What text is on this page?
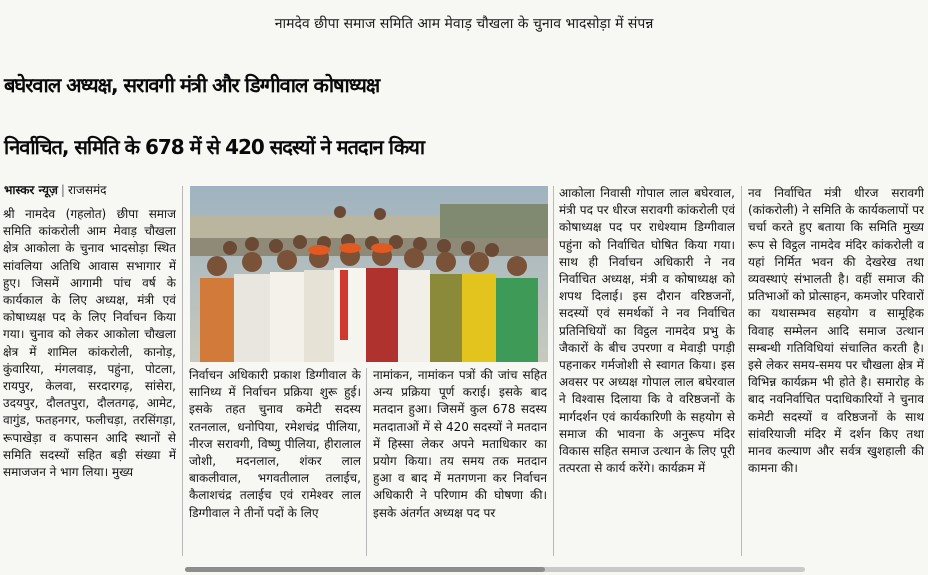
नामदेव छीपा समाज समिति आम मेवाड़ चौखला के चुनाव भादसोड़ा में संपन्न
बघेरवाल अध्यक्ष, सरावगी मंत्री और डिग्गीवाल कोषाध्यक्ष
निर्वाचित, समिति के 678 में से 420 सदस्यों ने मतदान किया
भास्कर न्यूज़ | राजसमंद

श्री नामदेव (गहलोत) छीपा समाज समिति कांकरोली आम मेवाड़ चौखला क्षेत्र आकोला के चुनाव भादसोड़ा स्थित सांवलिया अतिथि आवास सभागार में हुए। जिसमें आगामी पांच वर्ष के कार्यकाल के लिए अध्यक्ष, मंत्री एवं कोषाध्यक्ष पद के लिए निर्वाचन किया गया। चुनाव को लेकर आकोला चौखला क्षेत्र में शामिल कांकरोली, कानोड़, कुंवारिया, मंगलवाड़, पहुंना, पोटला, रायपुर, केलवा, सरदारगढ़, सांसेरा, उदयपुर, दौलतपुरा, दौलतगढ़, आमेट, वागुंड, फतहनगर, फलीचड़ा, तरसिंगड़ा, रूपाखेड़ा व कपासन आदि स्थानों से समिति सदस्यों सहित बड़ी संख्या में समाजजन ने भाग लिया। मुख्य

निर्वाचन अधिकारी प्रकाश डिग्गीवाल के सानिध्य में निर्वाचन प्रक्रिया शुरू हुई। इसके तहत चुनाव कमेटी सदस्य रतनलाल, धनोपिया, रमेशचंद्र पीलिया, नीरज सरावगी, विष्णु पीलिया, हीरालाल जोशी, मदनलाल, शंकर लाल बाकलीवाल, भगवतीलाल तलाईच, कैलाशचंद्र तलाईच एवं रामेश्वर लाल डिग्गीवाल ने तीनों पदों के लिए

नामांकन, नामांकन पत्रों की जांच सहित अन्य प्रक्रिया पूर्ण कराई। इसके बाद मतदान हुआ। जिसमें कुल 678 सदस्य मतदाताओं में से 420 सदस्यों ने मतदान में हिस्सा लेकर अपने मताधिकार का प्रयोग किया। तय समय तक मतदान हुआ व बाद में मतगणना कर निर्वाचन अधिकारी ने परिणाम की घोषणा की। इसके अंतर्गत अध्यक्ष पद पर

आकोला निवासी गोपाल लाल बघेरवाल, मंत्री पद पर धीरज सरावगी कांकरोली एवं कोषाध्यक्ष पद पर राधेश्याम डिग्गीवाल पहुंना को निर्वाचित घोषित किया गया। साथ ही निर्वाचन अधिकारी ने नव निर्वाचित अध्यक्ष, मंत्री व कोषाध्यक्ष को शपथ दिलाई। इस दौरान वरिष्ठजनों, सदस्यों एवं समर्थकों ने नव निर्वाचित प्रतिनिधियों का विट्ठल नामदेव प्रभु के जैकारों के बीच उपरणा व मेवाड़ी पगड़ी पहनाकर गर्मजोशी से स्वागत किया। इस अवसर पर अध्यक्ष गोपाल लाल बघेरवाल ने विश्वास दिलाया कि वे वरिष्ठजनों के मार्गदर्शन एवं कार्यकारिणी के सहयोग से समाज की भावना के अनुरूप मंदिर विकास सहित समाज उत्थान के लिए पूरी तत्परता से कार्य करेंगे। कार्यक्रम में

नव निर्वाचित मंत्री धीरज सरावगी (कांकरोली) ने समिति के कार्यकलापों पर चर्चा करते हुए बताया कि समिति मुख्य रूप से विट्ठल नामदेव मंदिर कांकरोली व यहां निर्मित भवन की देखरेख तथा व्यवस्थाएं संभालती है। वहीं समाज की प्रतिभाओं को प्रोत्साहन, कमजोर परिवारों का यथासम्भव सहयोग व सामूहिक विवाह सम्मेलन आदि समाज उत्थान सम्बन्धी गतिविधियां संचालित करती है। इसे लेकर समय-समय पर चौखला क्षेत्र में विभिन्न कार्यक्रम भी होते है। समारोह के बाद नवनिर्वाचित पदाधिकारियों ने चुनाव कमेटी सदस्यों व वरिष्ठजनों के साथ सांवरियाजी मंदिर में दर्शन किए तथा मानव कल्याण और सर्वत्र खुशहाली की कामना की।
